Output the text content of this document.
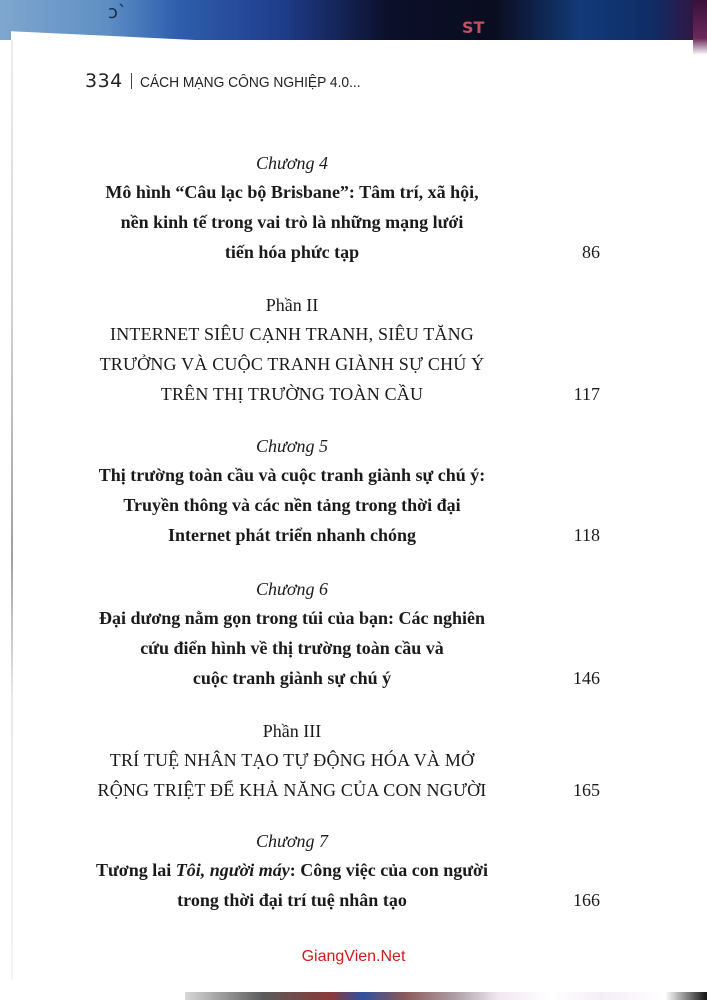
ɔ`
ST
334 CÁCH MẠNG CÔNG NGHIỆP 4.0...
Chương 4
Mô hình “Câu lạc bộ Brisbane”: Tâm trí, xã hội,
nền kinh tế trong vai trò là những mạng lưới
tiến hóa phức tạp	86
Phần II
INTERNET SIÊU CẠNH TRANH, SIÊU TĂNG
TRƯỞNG VÀ CUỘC TRANH GIÀNH SỰ CHÚ Ý
TRÊN THỊ TRƯỜNG TOÀN CẦU	117
Chương 5
Thị trường toàn cầu và cuộc tranh giành sự chú ý:
Truyền thông và các nền tảng trong thời đại
Internet phát triển nhanh chóng	118
Chương 6
Đại dương nằm gọn trong túi của bạn: Các nghiên
cứu điển hình về thị trường toàn cầu và
cuộc tranh giành sự chú ý	146
Phần III
TRÍ TUỆ NHÂN TẠO TỰ ĐỘNG HÓA VÀ MỞ
RỘNG TRIỆT ĐỂ KHẢ NĂNG CỦA CON NGƯỜI	165
Chương 7
Tương lai Tôi, người máy: Công việc của con người
trong thời đại trí tuệ nhân tạo	166
GiangVien.Net
